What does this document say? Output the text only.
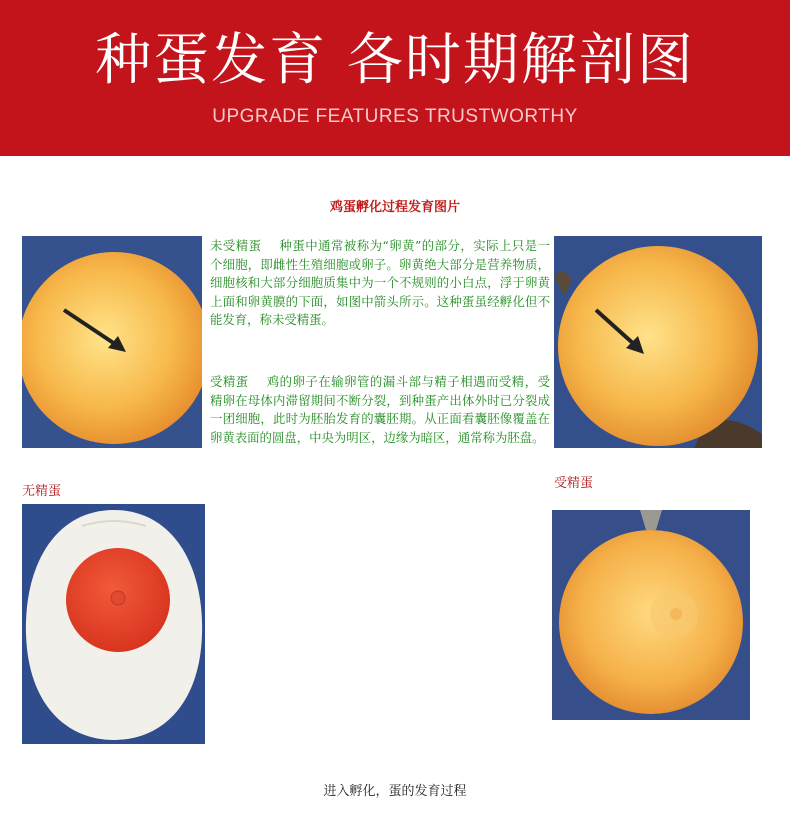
种蛋发育 各时期解剖图
UPGRADE FEATURES TRUSTWORTHY
鸡蛋孵化过程发育图片
未受精蛋 种蛋中通常被称为“卵黄”的部分，实际上只是一个细胞，即雌性生殖细胞或卵子。卵黄绝大部分是营养物质，细胞核和大部分细胞质集中为一个不规则的小白点，浮于卵黄上面和卵黄膜的下面，如图中箭头所示。这种蛋虽经孵化但不能发育，称未受精蛋。
受精蛋 鸡的卵子在输卵管的漏斗部与精子相遇而受精，受精卵在母体内滞留期间不断分裂，到种蛋产出体外时已分裂成一团细胞，此时为胚胎发育的囊胚期。从正面看囊胚像覆盖在卵黄表面的圆盘，中央为明区，边缘为暗区，通常称为胚盘。
无精蛋
受精蛋
进入孵化，蛋的发育过程
